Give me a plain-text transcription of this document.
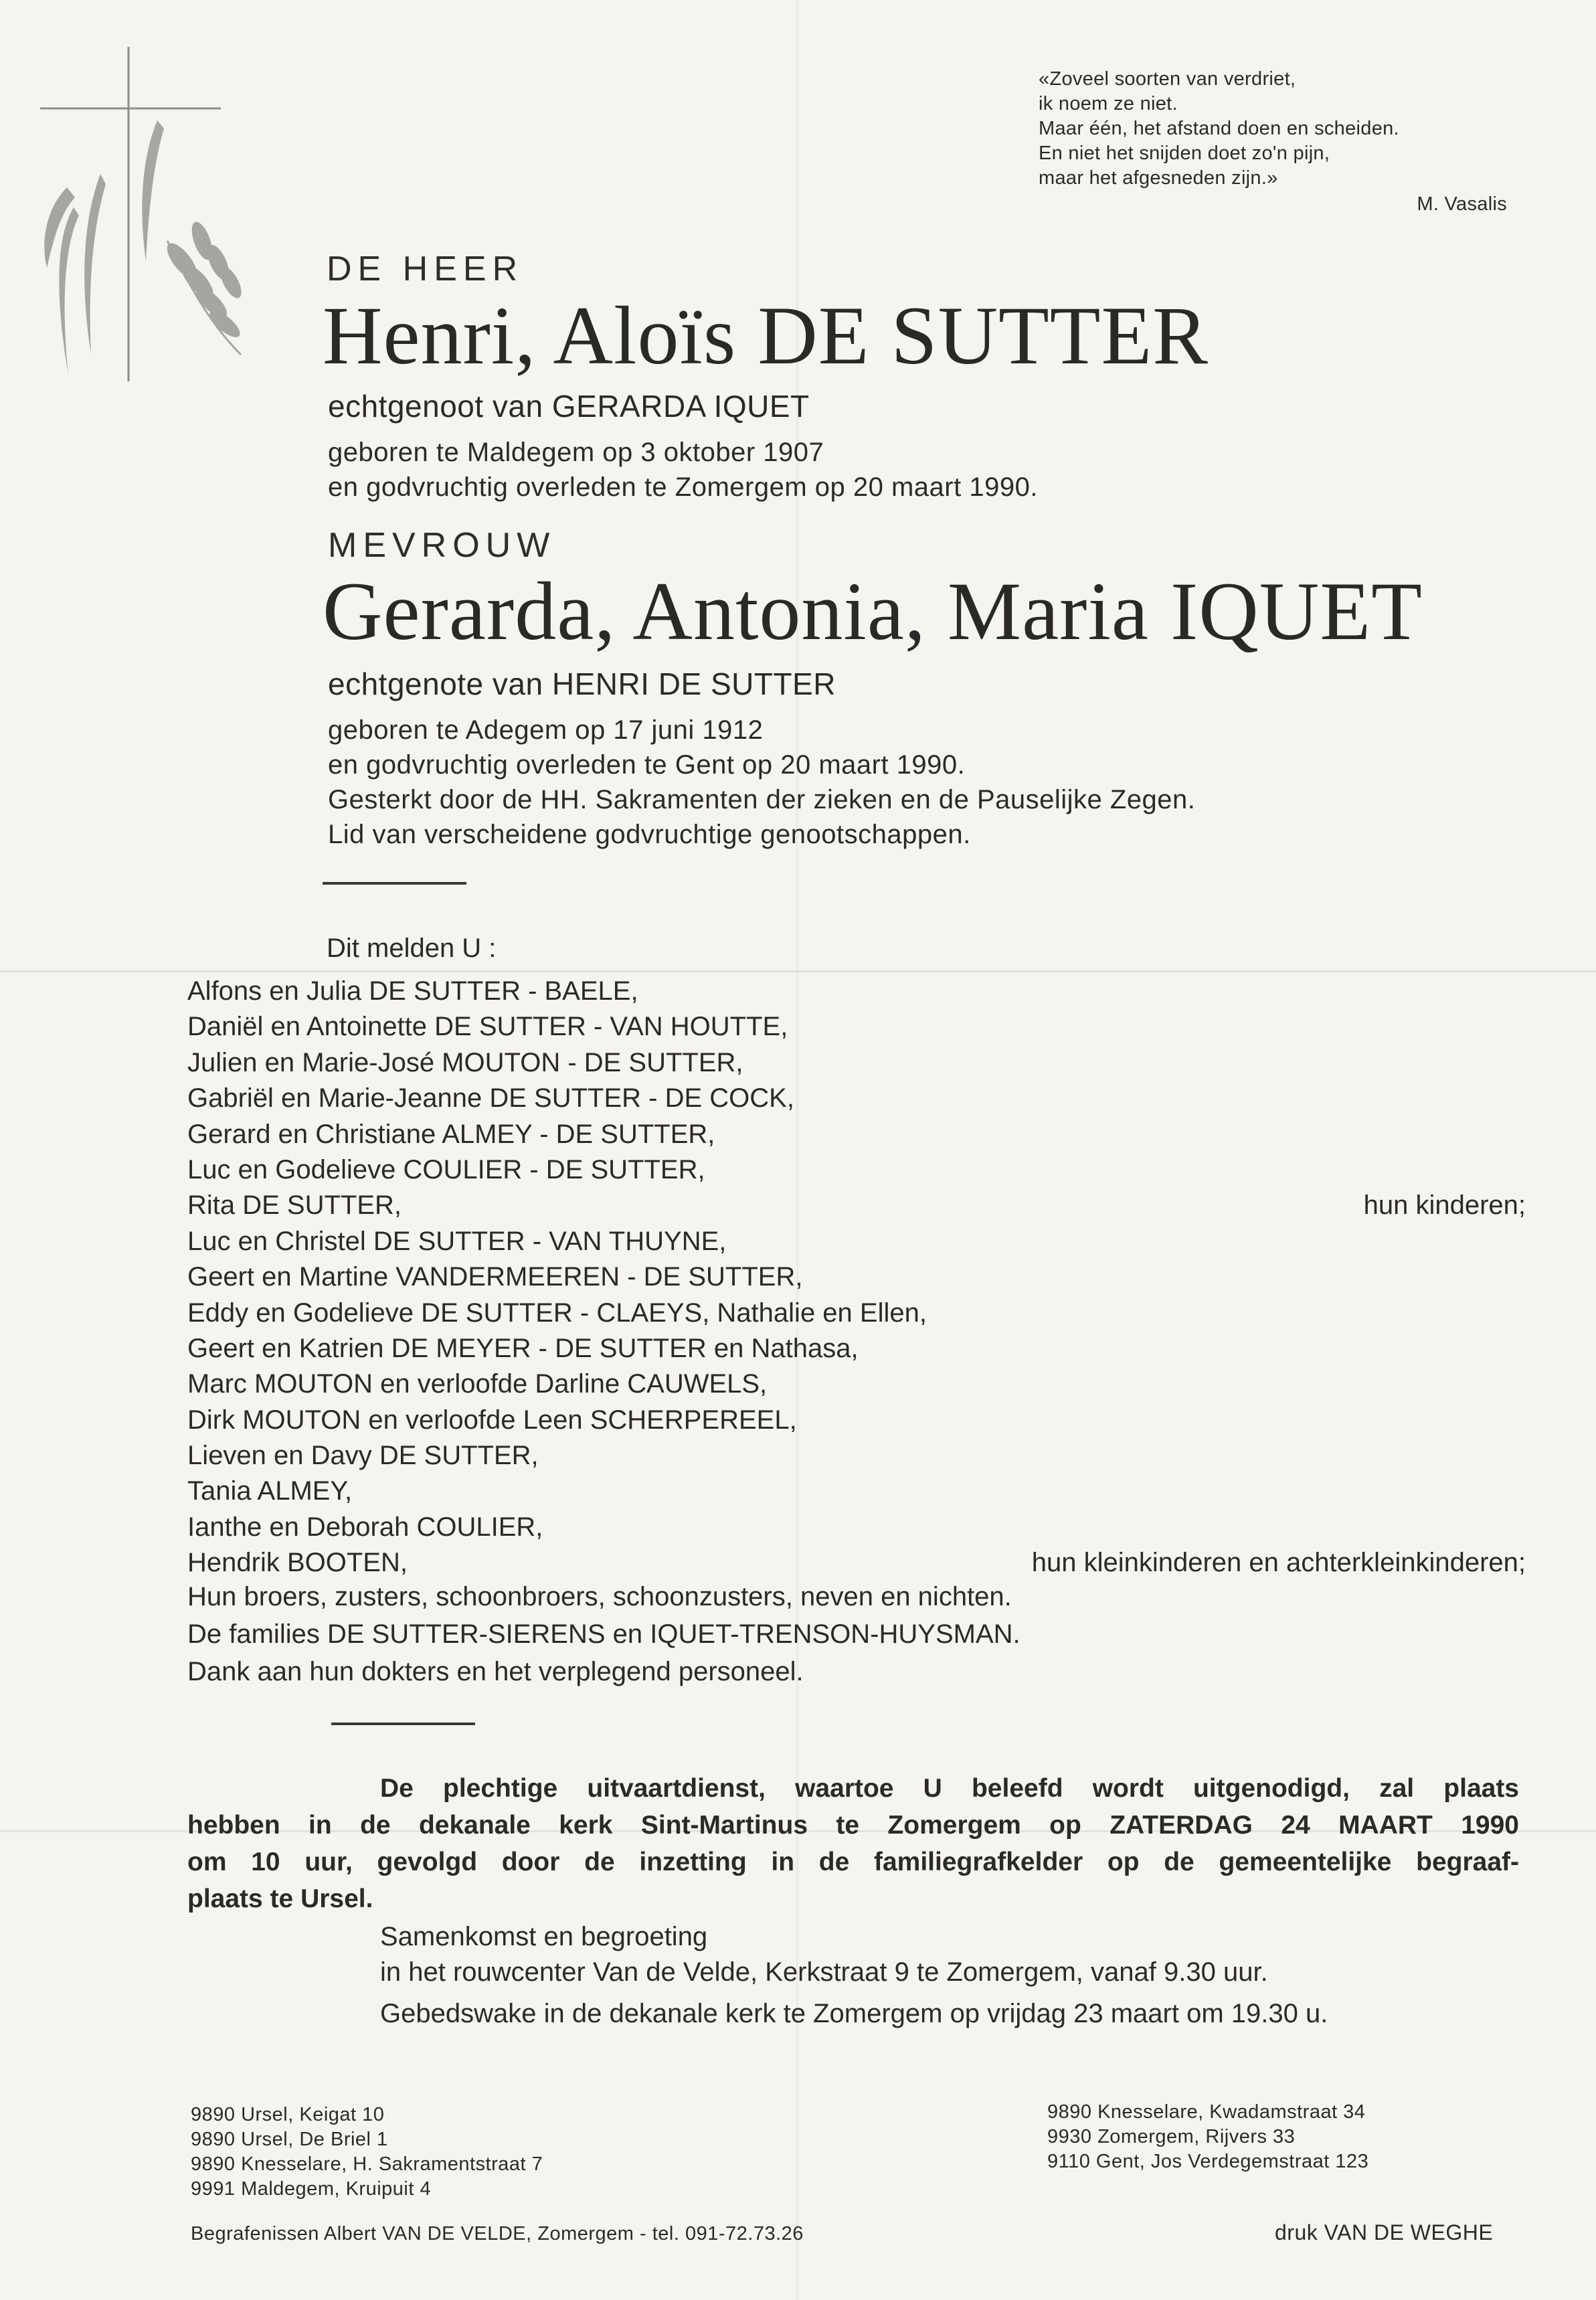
«Zoveel soorten van verdriet,
ik noem ze niet.
Maar één, het afstand doen en scheiden.
En niet het snijden doet zo'n pijn,
maar het afgesneden zijn.»
M. Vasalis
DE HEER
Henri, Aloïs DE SUTTER
echtgenoot van GERARDA IQUET
geboren te Maldegem op 3 oktober 1907
en godvruchtig overleden te Zomergem op 20 maart 1990.
MEVROUW
Gerarda, Antonia, Maria IQUET
echtgenote van HENRI DE SUTTER
geboren te Adegem op 17 juni 1912
en godvruchtig overleden te Gent op 20 maart 1990.
Gesterkt door de HH. Sakramenten der zieken en de Pauselijke Zegen.
Lid van verscheidene godvruchtige genootschappen.
Dit melden U :
Alfons en Julia DE SUTTER - BAELE,
Daniël en Antoinette DE SUTTER - VAN HOUTTE,
Julien en Marie-José MOUTON - DE SUTTER,
Gabriël en Marie-Jeanne DE SUTTER - DE COCK,
Gerard en Christiane ALMEY - DE SUTTER,
Luc en Godelieve COULIER - DE SUTTER,
Rita DE SUTTER,	hun kinderen;
Luc en Christel DE SUTTER - VAN THUYNE,
Geert en Martine VANDERMEEREN - DE SUTTER,
Eddy en Godelieve DE SUTTER - CLAEYS, Nathalie en Ellen,
Geert en Katrien DE MEYER - DE SUTTER en Nathasa,
Marc MOUTON en verloofde Darline CAUWELS,
Dirk MOUTON en verloofde Leen SCHERPEREEL,
Lieven en Davy DE SUTTER,
Tania ALMEY,
Ianthe en Deborah COULIER,
Hendrik BOOTEN,	hun kleinkinderen en achterkleinkinderen;
Hun broers, zusters, schoonbroers, schoonzusters, neven en nichten.
De families DE SUTTER-SIERENS en IQUET-TRENSON-HUYSMAN.
Dank aan hun dokters en het verplegend personeel.
De plechtige uitvaartdienst, waartoe U beleefd wordt uitgenodigd, zal plaats
hebben in de dekanale kerk Sint-Martinus te Zomergem op ZATERDAG 24 MAART 1990
om 10 uur, gevolgd door de inzetting in de familiegrafkelder op de gemeentelijke begraaf-
plaats te Ursel.
Samenkomst en begroeting
in het rouwcenter Van de Velde, Kerkstraat 9 te Zomergem, vanaf 9.30 uur.
Gebedswake in de dekanale kerk te Zomergem op vrijdag 23 maart om 19.30 u.
9890 Ursel, Keigat 10
9890 Ursel, De Briel 1
9890 Knesselare, H. Sakramentstraat 7
9991 Maldegem, Kruipuit 4
9890 Knesselare, Kwadamstraat 34
9930 Zomergem, Rijvers 33
9110 Gent, Jos Verdegemstraat 123
Begrafenissen Albert VAN DE VELDE, Zomergem - tel. 091-72.73.26	druk VAN DE WEGHE
